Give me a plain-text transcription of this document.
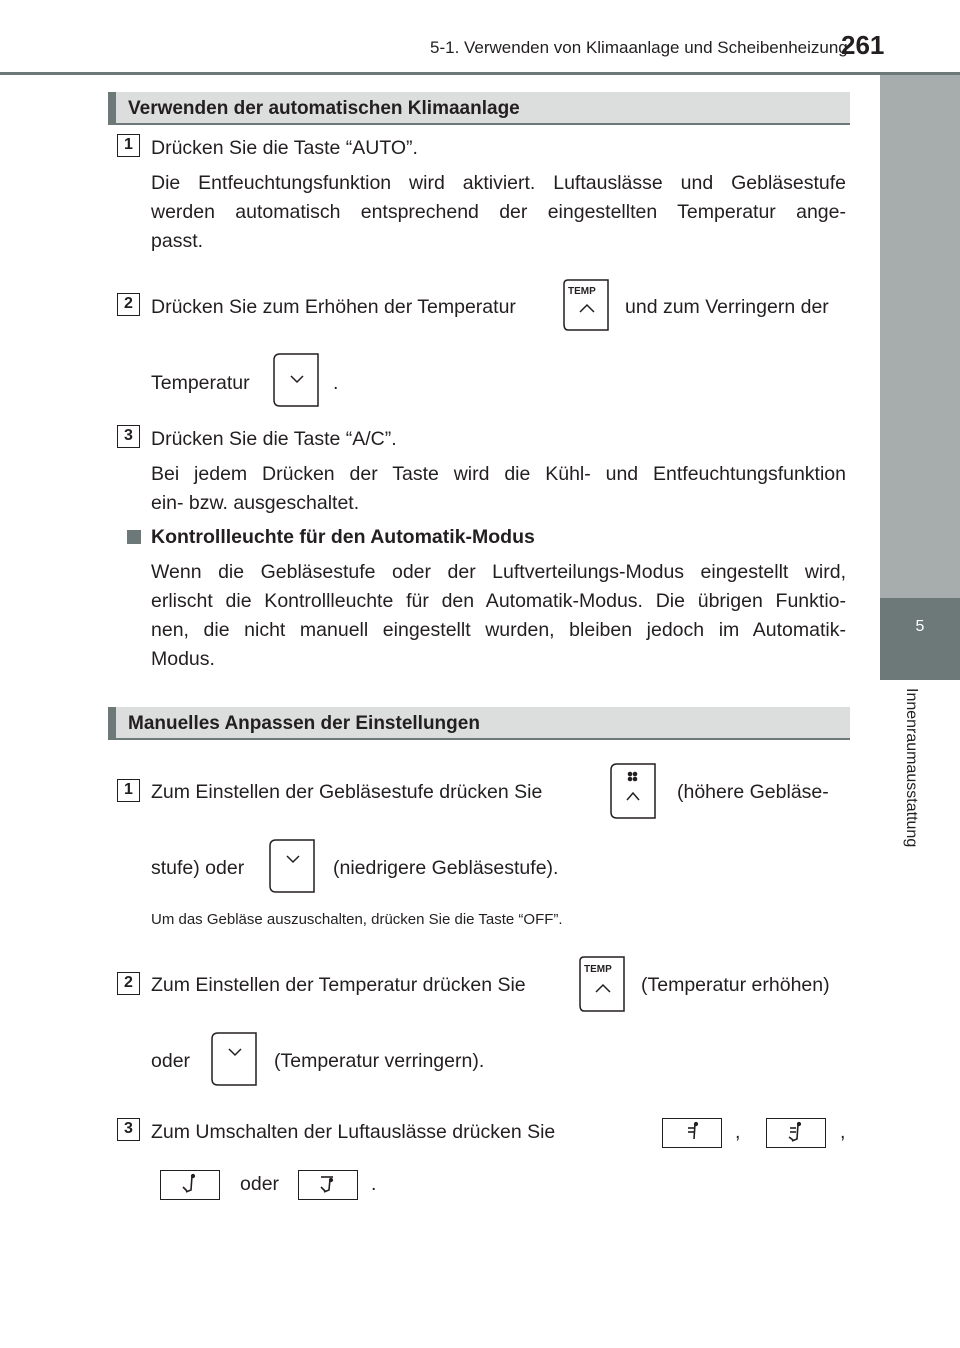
5-1. Verwenden von Klimaanlage und Scheibenheizung
261
5
Innenraumausstattung
Verwenden der automatischen Klimaanlage
1 Drücken Sie die Taste “AUTO”.
Die Entfeuchtungsfunktion wird aktiviert. Luftauslässe und Gebläsestufe
werden automatisch entsprechend der eingestellten Temperatur ange-
passt.
2 Drücken Sie zum Erhöhen der Temperatur
TEMP
und zum Verringern der
Temperatur	.
3 Drücken Sie die Taste “A/C”.
Bei jedem Drücken der Taste wird die Kühl- und Entfeuchtungsfunktion
ein- bzw. ausgeschaltet.
Kontrollleuchte für den Automatik-Modus
Wenn die Gebläsestufe oder der Luftverteilungs-Modus eingestellt wird,
erlischt die Kontrollleuchte für den Automatik-Modus. Die übrigen Funktio-
nen, die nicht manuell eingestellt wurden, bleiben jedoch im Automatik-
Modus.
Manuelles Anpassen der Einstellungen
1 Zum Einstellen der Gebläsestufe drücken Sie	(höhere Gebläse-
stufe) oder	(niedrigere Gebläsestufe).
Um das Gebläse auszuschalten, drücken Sie die Taste “OFF”.
2 Zum Einstellen der Temperatur drücken Sie
TEMP
(Temperatur erhöhen)
oder	(Temperatur verringern).
3 Zum Umschalten der Luftauslässe drücken Sie	,	,
oder	.
